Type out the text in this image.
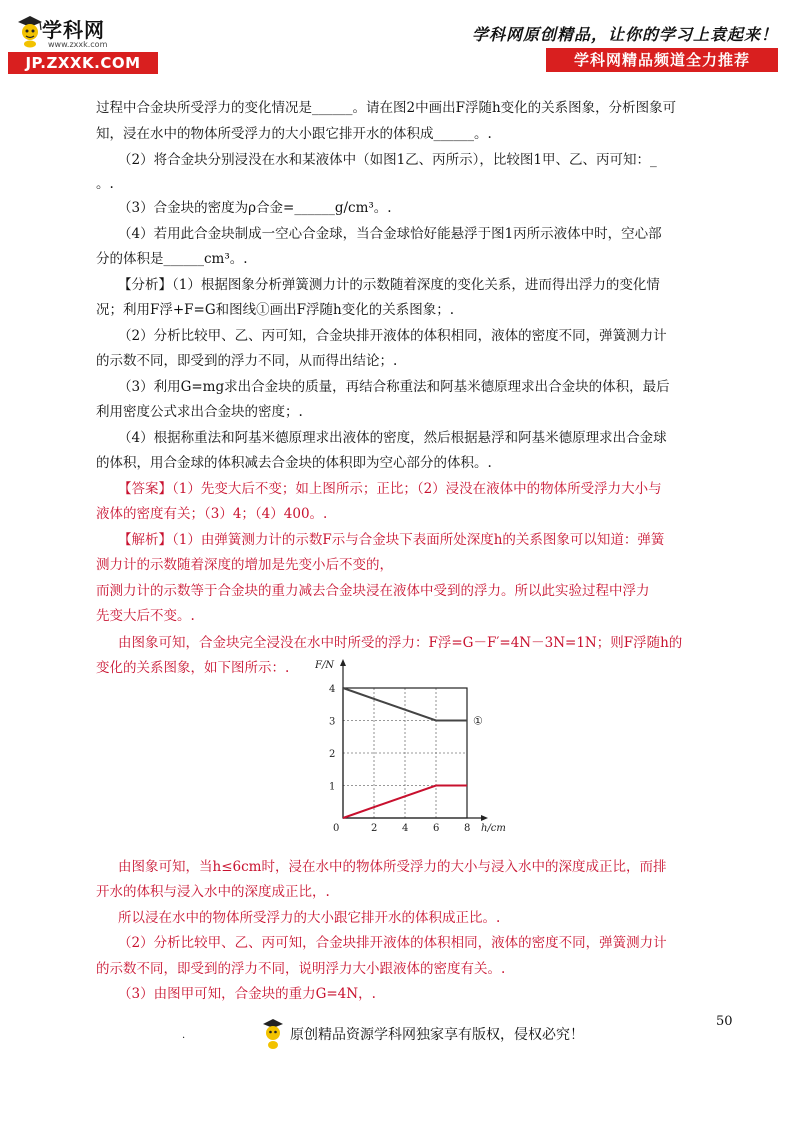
学科网
www.zxxk.com
JP.ZXXK.COM
学科网原创精品，让你的学习上袁起来！
学科网精品频道全力推荐
过程中合金块所受浮力的变化情况是______。请在图2中画出F浮随h变化的关系图象，分析图象可
知，浸在水中的物体所受浮力的大小跟它排开水的体积成______。.
（2）将合金块分别浸没在水和某液体中（如图1乙、丙所示），比较图1甲、乙、丙可知：_
。.
（3）合金块的密度为ρ合金=______g/cm³。.
（4）若用此合金块制成一空心合金球，当合金球恰好能悬浮于图1丙所示液体中时，空心部
分的体积是______cm³。.
【分析】（1）根据图象分析弹簧测力计的示数随着深度的变化关系，进而得出浮力的变化情
况；利用F浮+F=G和图线①画出F浮随h变化的关系图象；.
（2）分析比较甲、乙、丙可知，合金块排开液体的体积相同，液体的密度不同，弹簧测力计
的示数不同，即受到的浮力不同，从而得出结论；.
（3）利用G=mg求出合金块的质量，再结合称重法和阿基米德原理求出合金块的体积，最后
利用密度公式求出合金块的密度；.
（4）根据称重法和阿基米德原理求出液体的密度，然后根据悬浮和阿基米德原理求出合金球
的体积，用合金球的体积减去合金块的体积即为空心部分的体积。.
【答案】（1）先变大后不变；如上图所示；正比；（2）浸没在液体中的物体所受浮力大小与
液体的密度有关；（3）4；（4）400。.
【解析】（1）由弹簧测力计的示数F示与合金块下表面所处深度h的关系图象可以知道：弹簧
测力计的示数随着深度的增加是先变小后不变的，
而测力计的示数等于合金块的重力减去合金块浸在液体中受到的浮力。所以此实验过程中浮力
先变大后不变。.
由图象可知，合金块完全浸没在水中时所受的浮力：F浮=G－F′=4N－3N=1N；则F浮随h的
变化的关系图象，如下图所示：.
由图象可知，当h≤6cm时，浸在水中的物体所受浮力的大小与浸入水中的深度成正比，而排
开水的体积与浸入水中的深度成正比，.
所以浸在水中的物体所受浮力的大小跟它排开水的体积成正比。.
（2）分析比较甲、乙、丙可知，合金块排开液体的体积相同，液体的密度不同，弹簧测力计
的示数不同，即受到的浮力不同，说明浮力大小跟液体的密度有关。.
（3）由图甲可知，合金块的重力G=4N，.
①
0	2 4 6 8
1
2
3
4
F/N
h/cm
50
.	原创精品资源学科网独家享有版权，侵权必究！
